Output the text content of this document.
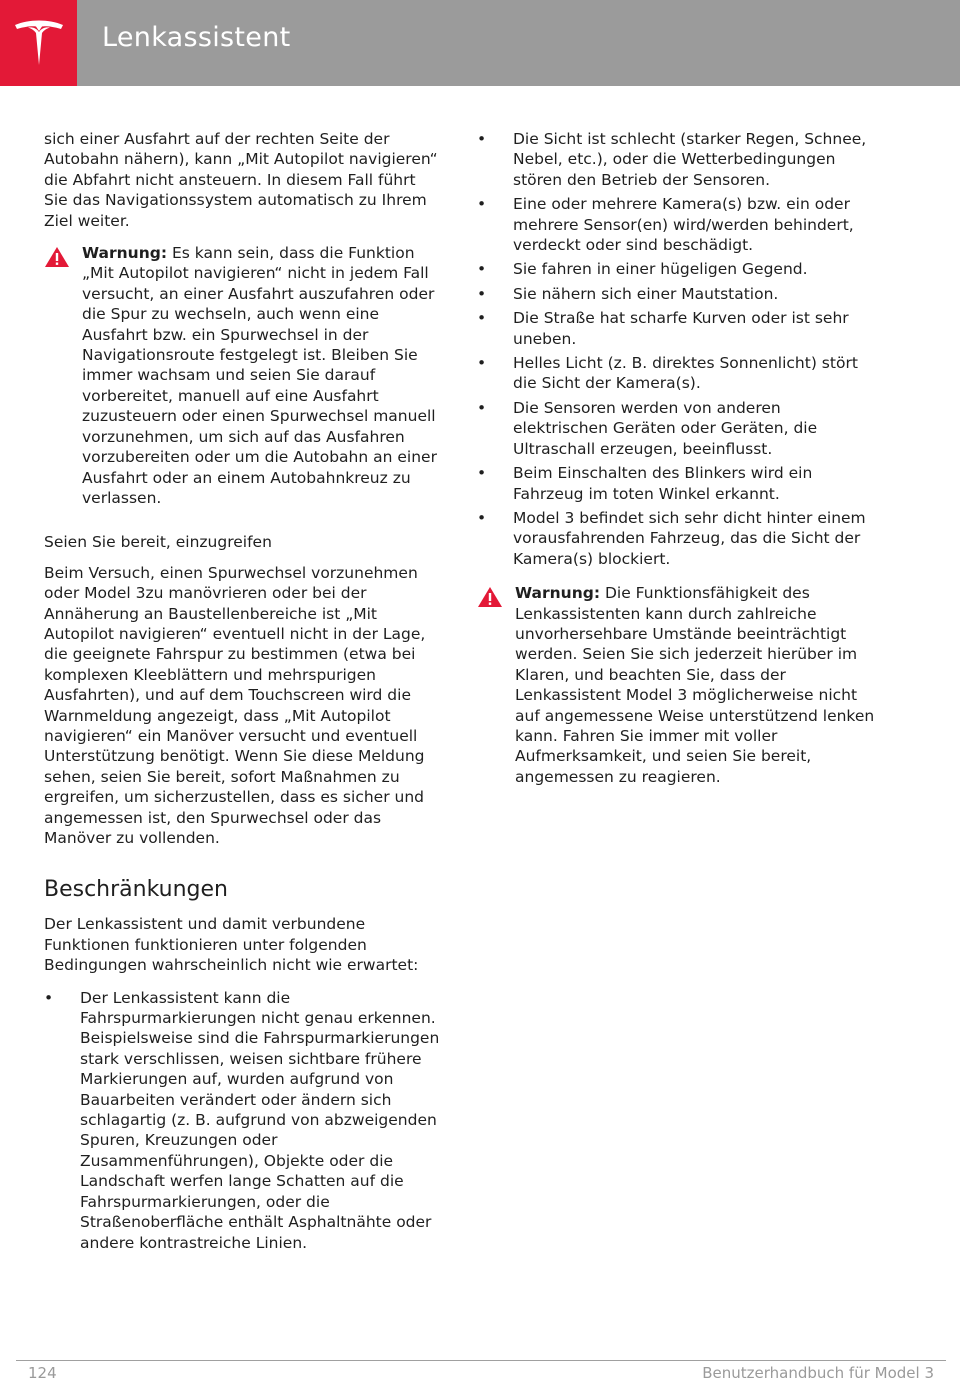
Lenkassistent

sich einer Ausfahrt auf der rechten Seite der Autobahn nähern), kann „Mit Autopilot navigieren“ die Abfahrt nicht ansteuern. In diesem Fall führt Sie das Navigationssystem automatisch zu Ihrem Ziel weiter.

Warnung: Es kann sein, dass die Funktion „Mit Autopilot navigieren“ nicht in jedem Fall versucht, an einer Ausfahrt auszufahren oder die Spur zu wechseln, auch wenn eine Ausfahrt bzw. ein Spurwechsel in der Navigationsroute festgelegt ist. Bleiben Sie immer wachsam und seien Sie darauf vorbereitet, manuell auf eine Ausfahrt zuzusteuern oder einen Spurwechsel manuell vorzunehmen, um sich auf das Ausfahren vorzubereiten oder um die Autobahn an einer Ausfahrt oder an einem Autobahnkreuz zu verlassen.
Seien Sie bereit, einzugreifen

Beim Versuch, einen Spurwechsel vorzunehmen oder Model 3zu manövrieren oder bei der Annäherung an Baustellenbereiche ist „Mit Autopilot navigieren“ eventuell nicht in der Lage, die geeignete Fahrspur zu bestimmen (etwa bei komplexen Kleeblättern und mehrspurigen Ausfahrten), und auf dem Touchscreen wird die Warnmeldung angezeigt, dass „Mit Autopilot navigieren“ ein Manöver versucht und eventuell Unterstützung benötigt. Wenn Sie diese Meldung sehen, seien Sie bereit, sofort Maßnahmen zu ergreifen, um sicherzustellen, dass es sicher und angemessen ist, den Spurwechsel oder das Manöver zu vollenden.

Beschränkungen

Der Lenkassistent und damit verbundene Funktionen funktionieren unter folgenden Bedingungen wahrscheinlich nicht wie erwartet:

•	Der Lenkassistent kann die Fahrspurmarkierungen nicht genau erkennen. Beispielsweise sind die Fahrspurmarkierungen stark verschlissen, weisen sichtbare frühere Markierungen auf, wurden aufgrund von Bauarbeiten verändert oder ändern sich schlagartig (z. B. aufgrund von abzweigenden Spuren, Kreuzungen oder Zusammenführungen), Objekte oder die Landschaft werfen lange Schatten auf die Fahrspurmarkierungen, oder die Straßenoberfläche enthält Asphaltnähte oder andere kontrastreiche Linien.
•	Die Sicht ist schlecht (starker Regen, Schnee, Nebel, etc.), oder die Wetterbedingungen stören den Betrieb der Sensoren.
•	Eine oder mehrere Kamera(s) bzw. ein oder mehrere Sensor(en) wird/werden behindert, verdeckt oder sind beschädigt.
•	Sie fahren in einer hügeligen Gegend.
•	Sie nähern sich einer Mautstation.
•	Die Straße hat scharfe Kurven oder ist sehr uneben.
•	Helles Licht (z. B. direktes Sonnenlicht) stört die Sicht der Kamera(s).
•	Die Sensoren werden von anderen elektrischen Geräten oder Geräten, die Ultraschall erzeugen, beeinflusst.
•	Beim Einschalten des Blinkers wird ein Fahrzeug im toten Winkel erkannt.
•	Model 3 befindet sich sehr dicht hinter einem vorausfahrenden Fahrzeug, das die Sicht der Kamera(s) blockiert.
Warnung: Die Funktionsfähigkeit des Lenkassistenten kann durch zahlreiche unvorhersehbare Umstände beeinträchtigt werden. Seien Sie sich jederzeit hierüber im Klaren, und beachten Sie, dass der Lenkassistent Model 3 möglicherweise nicht auf angemessene Weise unterstützend lenken kann. Fahren Sie immer mit voller Aufmerksamkeit, und seien Sie bereit, angemessen zu reagieren.
124	Benutzerhandbuch für Model 3
